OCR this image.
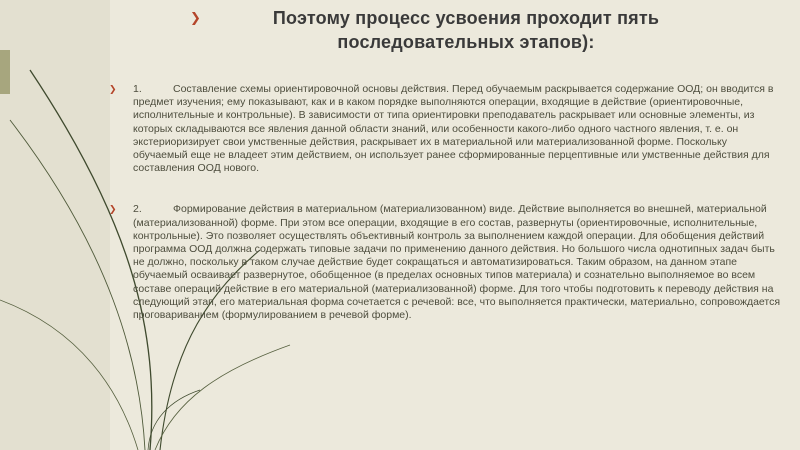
❯	Поэтому процесс усвоения проходит пять
последовательных этапов):
❯	1.	Составление схемы ориентировочной основы действия. Перед обучаемым раскрывается содержание ООД; он вводится в предмет изучения; ему показывают, как и в каком порядке выполняются операции, входящие в действие (ориентировочные, исполнительные и контрольные). В зависимости от типа ориентировки преподаватель раскрывает или основные элементы, из которых складываются все явления данной области знаний, или особенности какого-либо одного частного явления, т. е. он экстериоризирует свои умственные действия, раскрывает их в материальной или материализованной форме. Поскольку обучаемый еще не владеет этим действием, он использует ранее сформированные перцептивные или умственные действия для составления ООД нового.
❯	2.	Формирование действия в материальном (материализованном) виде. Действие выполняется во внешней, материальной (материализованной) форме. При этом все операции, входящие в его состав, развернуты (ориентировочные, исполнительные, контрольные). Это позволяет осуществлять объективный контроль за выполнением каждой операции. Для обобщения действий программа ООД должна содержать типовые задачи по применению данного действия. Но большого числа однотипных задач быть не должно, поскольку в таком случае действие будет сокращаться и автоматизироваться. Таким образом, на данном этапе обучаемый осваивает развернутое, обобщенное (в пределах основных типов материала) и сознательно выполняемое во всем составе операций действие в его материальной (материализованной) форме. Для того чтобы подготовить к переводу действия на следующий этап, его материальная форма сочетается с речевой: все, что выполняется практически, материально, сопровождается проговариванием (формулированием в речевой форме).
